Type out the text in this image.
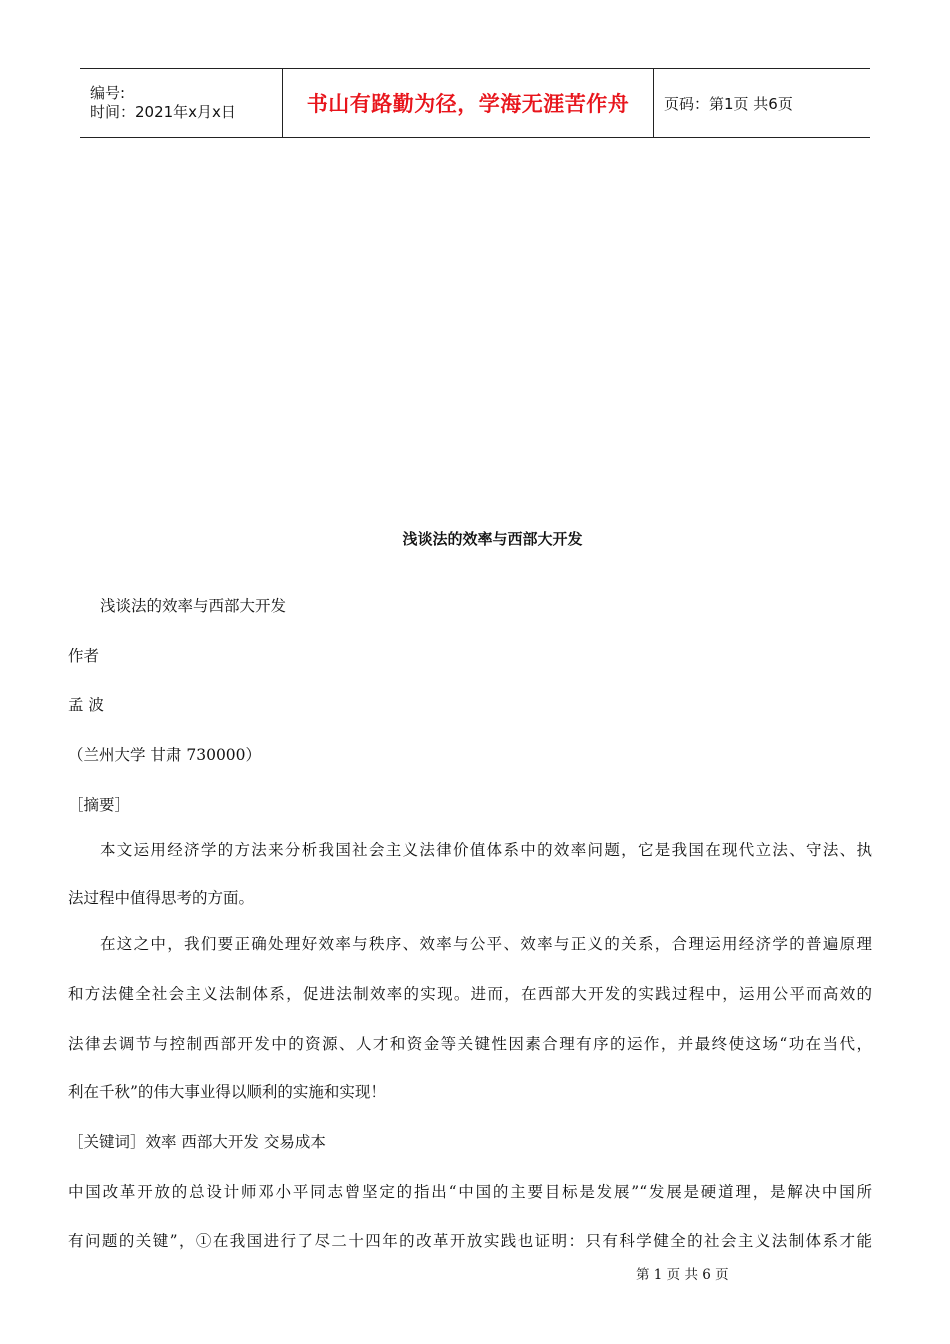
编号:
时间：2021年x月x日	书山有路勤为径，学海无涯苦作舟 页码：第1页 共6页
浅谈法的效率与西部大开发
浅谈法的效率与西部大开发
作者
孟 波
（兰州大学 甘肃 730000）
［摘要］
本文运用经济学的方法来分析我国社会主义法律价值体系中的效率问题，它是我国在现代立法、守法、执
法过程中值得思考的方面。
在这之中，我们要正确处理好效率与秩序、效率与公平、效率与正义的关系，合理运用经济学的普遍原理
和方法健全社会主义法制体系，促进法制效率的实现。进而，在西部大开发的实践过程中，运用公平而高效的
法律去调节与控制西部开发中的资源、人才和资金等关键性因素合理有序的运作，并最终使这场“功在当代，
利在千秋”的伟大事业得以顺利的实施和实现！
［关键词］效率 西部大开发 交易成本
中国改革开放的总设计师邓小平同志曾坚定的指出“中国的主要目标是发展”“发展是硬道理，是解决中国所
有问题的关键”，①在我国进行了尽二十四年的改革开放实践也证明：只有科学健全的社会主义法制体系才能
第 1 页 共 6 页
